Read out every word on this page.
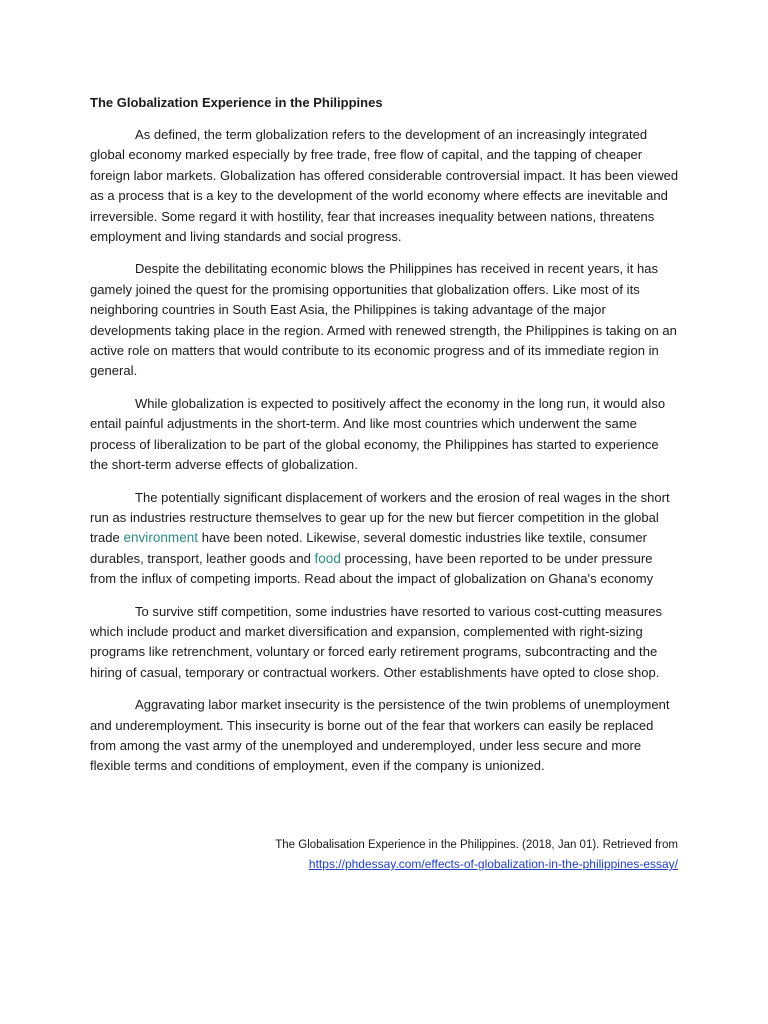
The Globalization Experience in the Philippines

As defined, the term globalization refers to the development of an increasingly integrated global economy marked especially by free trade, free flow of capital, and the tapping of cheaper foreign labor markets. Globalization has offered considerable controversial impact. It has been viewed as a process that is a key to the development of the world economy where effects are inevitable and irreversible. Some regard it with hostility, fear that increases inequality between nations, threatens employment and living standards and social progress.

Despite the debilitating economic blows the Philippines has received in recent years, it has gamely joined the quest for the promising opportunities that globalization offers. Like most of its neighboring countries in South East Asia, the Philippines is taking advantage of the major developments taking place in the region. Armed with renewed strength, the Philippines is taking on an active role on matters that would contribute to its economic progress and of its immediate region in general.

While globalization is expected to positively affect the economy in the long run, it would also entail painful adjustments in the short-term. And like most countries which underwent the same process of liberalization to be part of the global economy, the Philippines has started to experience the short-term adverse effects of globalization.

The potentially significant displacement of workers and the erosion of real wages in the short run as industries restructure themselves to gear up for the new but fiercer competition in the global trade environment have been noted. Likewise, several domestic industries like textile, consumer durables, transport, leather goods and food processing, have been reported to be under pressure from the influx of competing imports. Read about the impact of globalization on Ghana's economy

To survive stiff competition, some industries have resorted to various cost-cutting measures which include product and market diversification and expansion, complemented with right-sizing programs like retrenchment, voluntary or forced early retirement programs, subcontracting and the hiring of casual, temporary or contractual workers. Other establishments have opted to close shop.

Aggravating labor market insecurity is the persistence of the twin problems of unemployment and underemployment. This insecurity is borne out of the fear that workers can easily be replaced from among the vast army of the unemployed and underemployed, under less secure and more flexible terms and conditions of employment, even if the company is unionized.

The Globalisation Experience in the Philippines. (2018, Jan 01). Retrieved from
https://phdessay.com/effects-of-globalization-in-the-philippines-essay/
